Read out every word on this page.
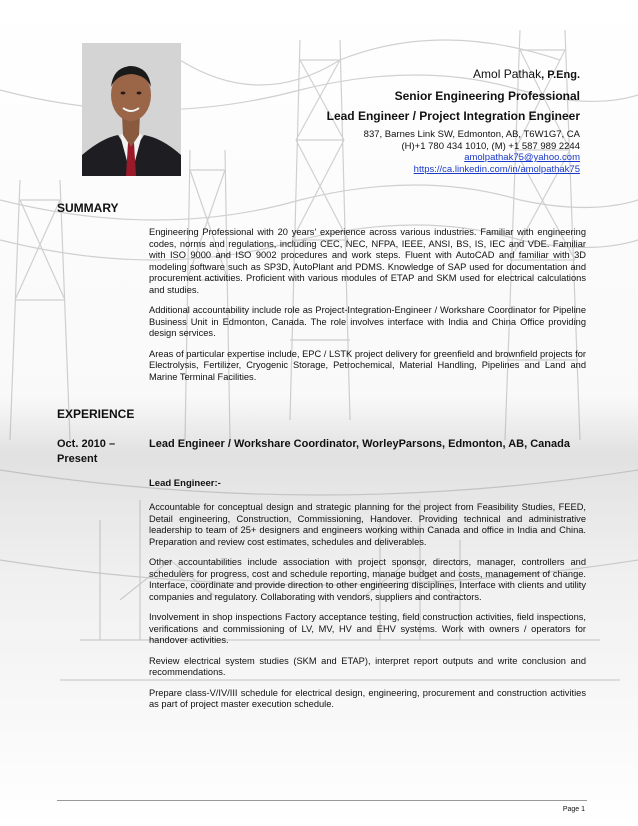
Amol Pathak, P.Eng.
Senior Engineering Professional
Lead Engineer / Project Integration Engineer
837, Barnes Link SW, Edmonton, AB, T6W1G7, CA
(H)+1 780 434 1010, (M) +1 587 989 2244
amolpathak75@yahoo.com
https://ca.linkedin.com/in/amolpathak75
SUMMARY

Engineering Professional with 20 years' experience across various industries. Familiar with engineering codes, norms and regulations, including CEC, NEC, NFPA, IEEE, ANSI, BS, IS, IEC and VDE. Familiar with ISO 9000 and ISO 9002 procedures and work steps. Fluent with AutoCAD and familiar with 3D modeling software such as SP3D, AutoPlant and PDMS. Knowledge of SAP used for documentation and procurement activities. Proficient with various modules of ETAP and SKM used for electrical calculations and studies.

Additional accountability include role as Project-Integration-Engineer / Workshare Coordinator for Pipeline Business Unit in Edmonton, Canada. The role involves interface with India and China Office providing design services.

Areas of particular expertise include, EPC / LSTK project delivery for greenfield and brownfield projects for Electrolysis, Fertilizer, Cryogenic Storage, Petrochemical, Material Handling, Pipelines and Land and Marine Terminal Facilities.

EXPERIENCE
Oct. 2010 –
Present
Lead Engineer / Workshare Coordinator, WorleyParsons, Edmonton, AB, Canada
Lead Engineer:-

Accountable for conceptual design and strategic planning for the project from Feasibility Studies, FEED, Detail engineering, Construction, Commissioning, Handover. Providing technical and administrative leadership to team of 25+ designers and engineers working within Canada and office in India and China. Preparation and review cost estimates, schedules and deliverables.

Other accountabilities include association with project sponsor, directors, manager, controllers and schedulers for progress, cost and schedule reporting, manage budget and costs, management of change. Interface, coordinate and provide direction to other engineering disciplines, Interface with clients and utility companies and regulatory. Collaborating with vendors, suppliers and contractors.

Involvement in shop inspections Factory acceptance testing, field construction activities, field inspections, verifications and commissioning of LV, MV, HV and EHV systems. Work with owners / operators for handover activities.

Review electrical system studies (SKM and ETAP), interpret report outputs and write conclusion and recommendations.

Prepare class-V/IV/III schedule for electrical design, engineering, procurement and construction activities as part of project master execution schedule.

Page 1
